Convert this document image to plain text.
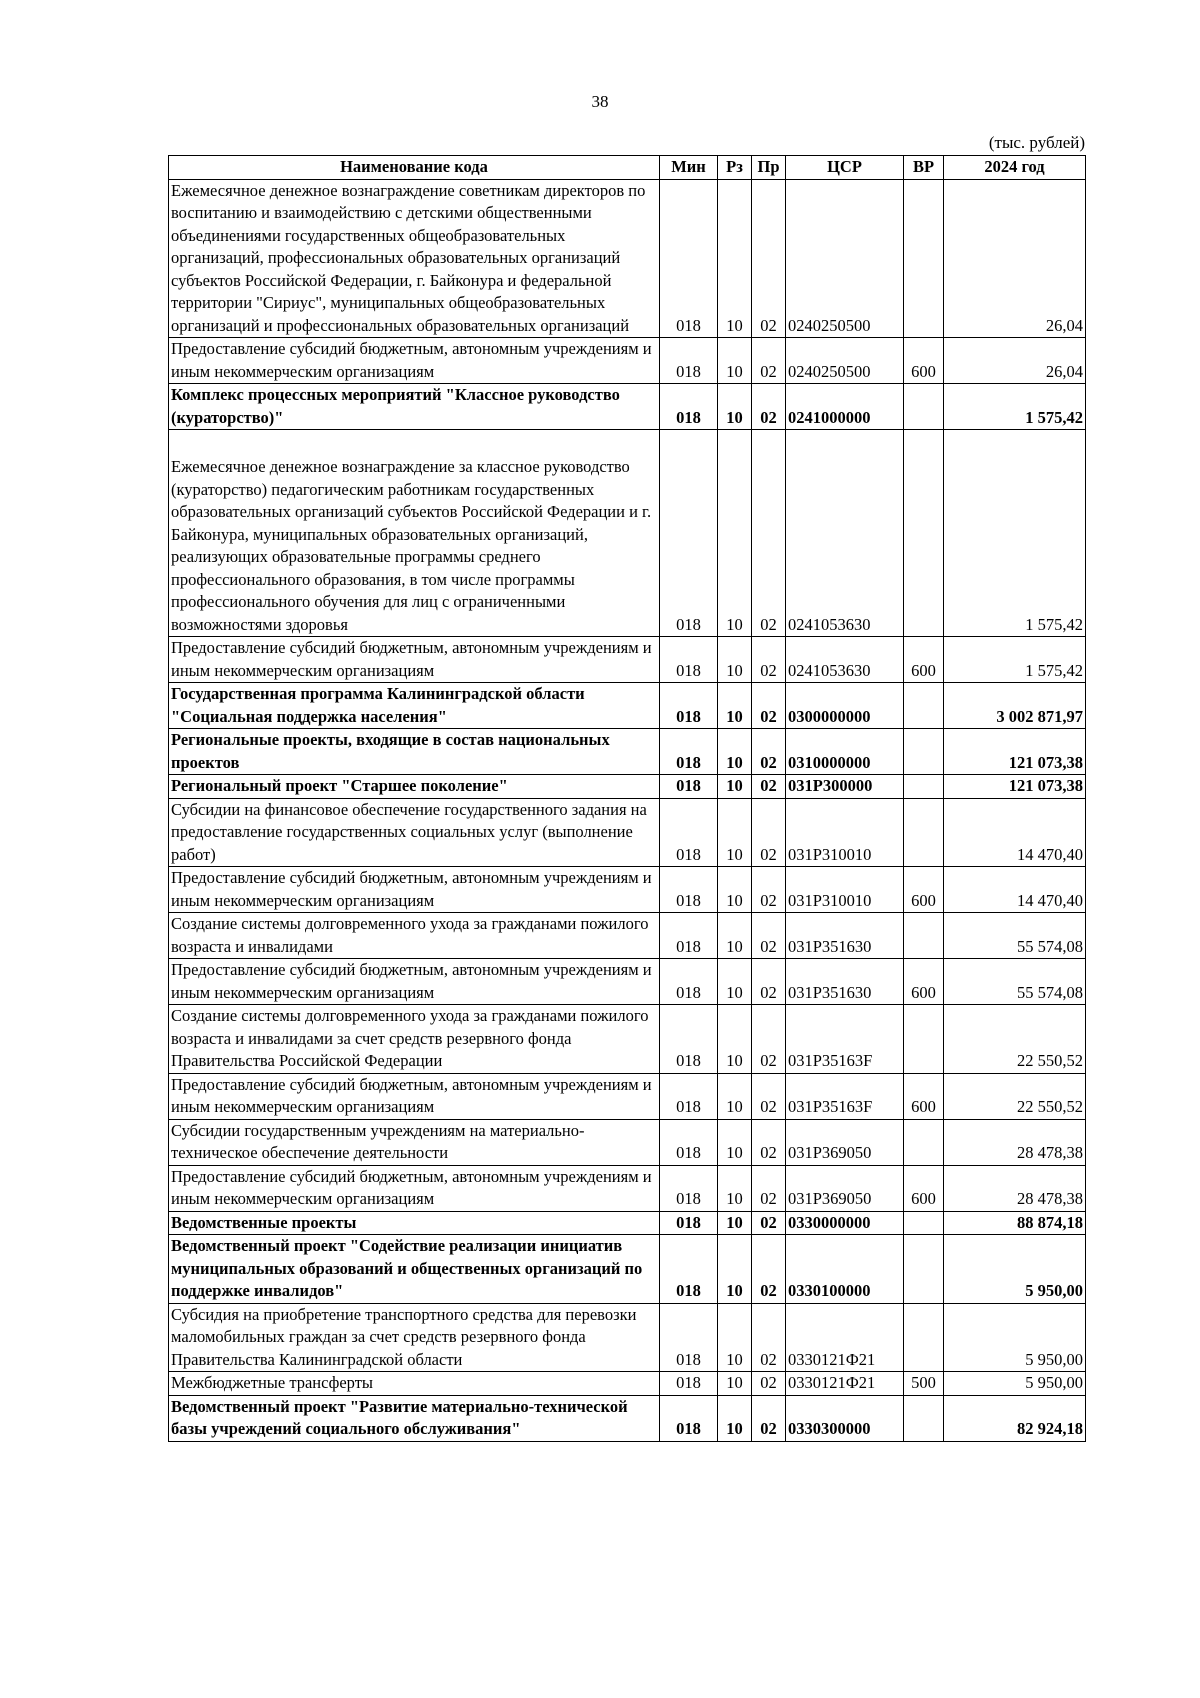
38
(тыс. рублей)
Наименование кода	Мин	Рз	Пр	ЦСР	ВР	2024 год
Ежемесячное денежное вознаграждение советникам директоров по воспитанию и взаимодействию с детскими общественными объединениями государственных общеобразовательных организаций, профессиональных образовательных организаций субъектов Российской Федерации, г. Байконура и федеральной территории "Сириус", муниципальных общеобразовательных организаций и профессиональных образовательных организаций	018	10	02	0240250500		26,04
Предоставление субсидий бюджетным, автономным учреждениям и иным некоммерческим организациям	018	10	02	0240250500	600	26,04
Комплекс процессных мероприятий "Классное руководство (кураторство)"	018	10	02	0241000000		1 575,42
Ежемесячное денежное вознаграждение за классное руководство (кураторство) педагогическим работникам государственных образовательных организаций субъектов Российской Федерации и г. Байконура, муниципальных образовательных организаций, реализующих образовательные программы среднего профессионального образования, в том числе программы профессионального обучения для лиц с ограниченными возможностями здоровья	018	10	02	0241053630		1 575,42
Предоставление субсидий бюджетным, автономным учреждениям и иным некоммерческим организациям	018	10	02	0241053630	600	1 575,42
Государственная программа Калининградской области "Социальная поддержка населения"	018	10	02	0300000000		3 002 871,97
Региональные проекты, входящие в состав национальных проектов	018	10	02	0310000000		121 073,38
Региональный проект "Старшее поколение"	018	10	02	031P300000		121 073,38
Субсидии на финансовое обеспечение государственного задания на предоставление государственных социальных услуг (выполнение работ)	018	10	02	031P310010		14 470,40
Предоставление субсидий бюджетным, автономным учреждениям и иным некоммерческим организациям	018	10	02	031P310010	600	14 470,40
Создание системы долговременного ухода за гражданами пожилого возраста и инвалидами	018	10	02	031P351630		55 574,08
Предоставление субсидий бюджетным, автономным учреждениям и иным некоммерческим организациям	018	10	02	031P351630	600	55 574,08
Создание системы долговременного ухода за гражданами пожилого возраста и инвалидами за счет средств резервного фонда Правительства Российской Федерации	018	10	02	031P35163F		22 550,52
Предоставление субсидий бюджетным, автономным учреждениям и иным некоммерческим организациям	018	10	02	031P35163F	600	22 550,52
Субсидии государственным учреждениям на материально-техническое обеспечение деятельности	018	10	02	031P369050		28 478,38
Предоставление субсидий бюджетным, автономным учреждениям и иным некоммерческим организациям	018	10	02	031P369050	600	28 478,38
Ведомственные проекты	018	10	02	0330000000		88 874,18
Ведомственный проект "Содействие реализации инициатив муниципальных образований и общественных организаций по поддержке инвалидов"	018	10	02	0330100000		5 950,00
Субсидия на приобретение транспортного средства для перевозки маломобильных граждан за счет средств резервного фонда Правительства Калининградской области	018	10	02	0330121Ф21		5 950,00
Межбюджетные трансферты	018	10	02	0330121Ф21	500	5 950,00
Ведомственный проект "Развитие материально-технической базы учреждений социального обслуживания"	018	10	02	0330300000		82 924,18
